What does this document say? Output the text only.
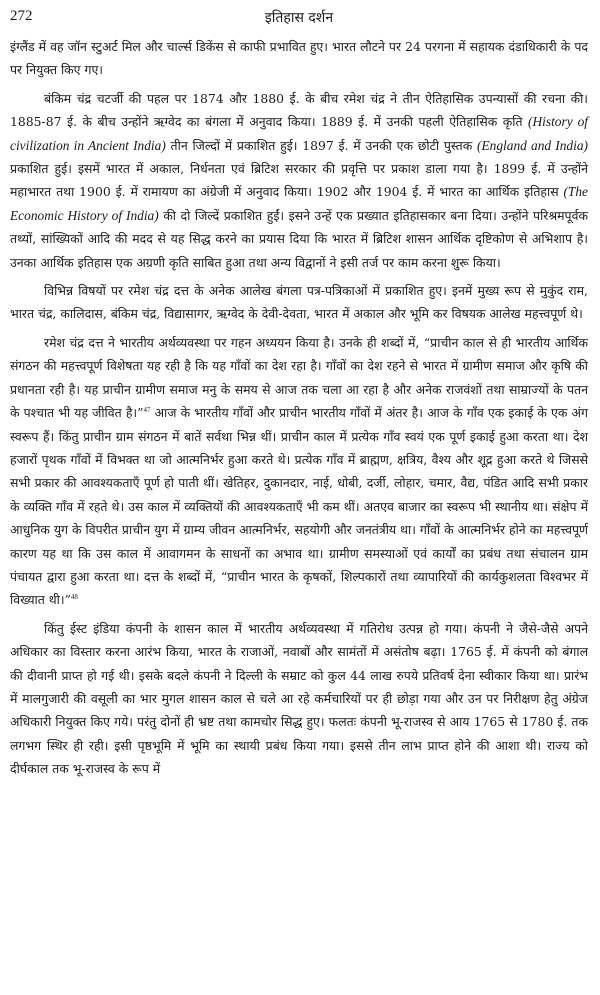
272	इतिहास दर्शन

इंग्लैंड में वह जॉन स्टुअर्ट मिल और चार्ल्स डिकेंस से काफी प्रभावित हुए। भारत लौटने पर 24 परगना में सहायक दंडाधिकारी के पद पर नियुक्त किए गए।

बंकिम चंद्र चटर्जी की पहल पर 1874 और 1880 ई. के बीच रमेश चंद्र ने तीन ऐतिहासिक उपन्यासों की रचना की। 1885-87 ई. के बीच उन्होंने ऋग्वेद का बंगला में अनुवाद किया। 1889 ई. में उनकी पहली ऐतिहासिक कृति (History of civilization in Ancient India) तीन जिल्दों में प्रकाशित हुई। 1897 ई. में उनकी एक छोटी पुस्तक (England and India) प्रकाशित हुई। इसमें भारत में अकाल, निर्धनता एवं ब्रिटिश सरकार की प्रवृत्ति पर प्रकाश डाला गया है। 1899 ई. में उन्होंने महाभारत तथा 1900 ई. में रामायण का अंग्रेजी में अनुवाद किया। 1902 और 1904 ई. में भारत का आर्थिक इतिहास (The Economic History of India) की दो जिल्दें प्रकाशित हुईं। इसने उन्हें एक प्रख्यात इतिहासकार बना दिया। उन्होंने परिश्रमपूर्वक तथ्यों, सांख्यिकों आदि की मदद से यह सिद्ध करने का प्रयास दिया कि भारत में ब्रिटिश शासन आर्थिक दृष्टिकोण से अभिशाप है। उनका आर्थिक इतिहास एक अग्रणी कृति साबित हुआ तथा अन्य विद्वानों ने इसी तर्ज पर काम करना शुरू किया।

विभिन्न विषयों पर रमेश चंद्र दत्त के अनेक आलेख बंगला पत्र-पत्रिकाओं में प्रकाशित हुए। इनमें मुख्य रूप से मुकुंद राम, भारत चंद्र, कालिदास, बंकिम चंद्र, विद्यासागर, ऋग्वेद के देवी-देवता, भारत में अकाल और भूमि कर विषयक आलेख महत्त्वपूर्ण थे।

रमेश चंद्र दत्त ने भारतीय अर्थव्यवस्था पर गहन अध्ययन किया है। उनके ही शब्दों में, “प्राचीन काल से ही भारतीय आर्थिक संगठन की महत्त्वपूर्ण विशेषता यह रही है कि यह गाँवों का देश रहा है। गाँवों का देश रहने से भारत में ग्रामीण समाज और कृषि की प्रधानता रही है। यह प्राचीन ग्रामीण समाज मनु के समय से आज तक चला आ रहा है और अनेक राजवंशों तथा साम्राज्यों के पतन के पश्चात भी यह जीवित है।”$^{47}$ आज के भारतीय गाँवों और प्राचीन भारतीय गाँवों में अंतर है। आज के गाँव एक इकाई के एक अंग स्वरूप हैं। किंतु प्राचीन ग्राम संगठन में बातें सर्वथा भिन्न थीं। प्राचीन काल में प्रत्येक गाँव स्वयं एक पूर्ण इकाई हुआ करता था। देश हजारों पृथक गाँवों में विभक्त था जो आत्मनिर्भर हुआ करते थे। प्रत्येक गाँव में ब्राह्मण, क्षत्रिय, वैश्य और शूद्र हुआ करते थे जिससे सभी प्रकार की आवश्यकताएँ पूर्ण हो पाती थीं। खेतिहर, दुकानदार, नाई, धोबी, दर्जी, लोहार, चमार, वैद्य, पंडित आदि सभी प्रकार के व्यक्ति गाँव में रहते थे। उस काल में व्यक्तियों की आवश्यकताएँ भी कम थीं। अतएव बाजार का स्वरूप भी स्थानीय था। संक्षेप में आधुनिक युग के विपरीत प्राचीन युग में ग्राम्य जीवन आत्मनिर्भर, सहयोगी और जनतंत्रीय था। गाँवों के आत्मनिर्भर होने का महत्त्वपूर्ण कारण यह था कि उस काल में आवागमन के साधनों का अभाव था। ग्रामीण समस्याओं एवं कार्यों का प्रबंध तथा संचालन ग्राम पंचायत द्वारा हुआ करता था। दत्त के शब्दों में, “प्राचीन भारत के कृषकों, शिल्पकारों तथा व्यापारियों की कार्यकुशलता विश्वभर में विख्यात थी।”$^{48}$

किंतु ईस्ट इंडिया कंपनी के शासन काल में भारतीय अर्थव्यवस्था में गतिरोध उत्पन्न हो गया। कंपनी ने जैसे-जैसे अपने अधिकार का विस्तार करना आरंभ किया, भारत के राजाओं, नवाबों और सामंतों में असंतोष बढ़ा। 1765 ई. में कंपनी को बंगाल की दीवानी प्राप्त हो गई थी। इसके बदले कंपनी ने दिल्ली के सम्राट को कुल 44 लाख रुपये प्रतिवर्ष देना स्वीकार किया था। प्रारंभ में मालगुजारी की वसूली का भार मुगल शासन काल से चले आ रहे कर्मचारियों पर ही छोड़ा गया और उन पर निरीक्षण हेतु अंग्रेज अधिकारी नियुक्त किए गये। परंतु दोनों ही भ्रष्ट तथा कामचोर सिद्ध हुए। फलतः कंपनी भू-राजस्व से आय 1765 से 1780 ई. तक लगभग स्थिर ही रही। इसी पृष्ठभूमि में भूमि का स्थायी प्रबंध किया गया। इससे तीन लाभ प्राप्त होने की आशा थी। राज्य को दीर्घकाल तक भू-राजस्व के रूप में
